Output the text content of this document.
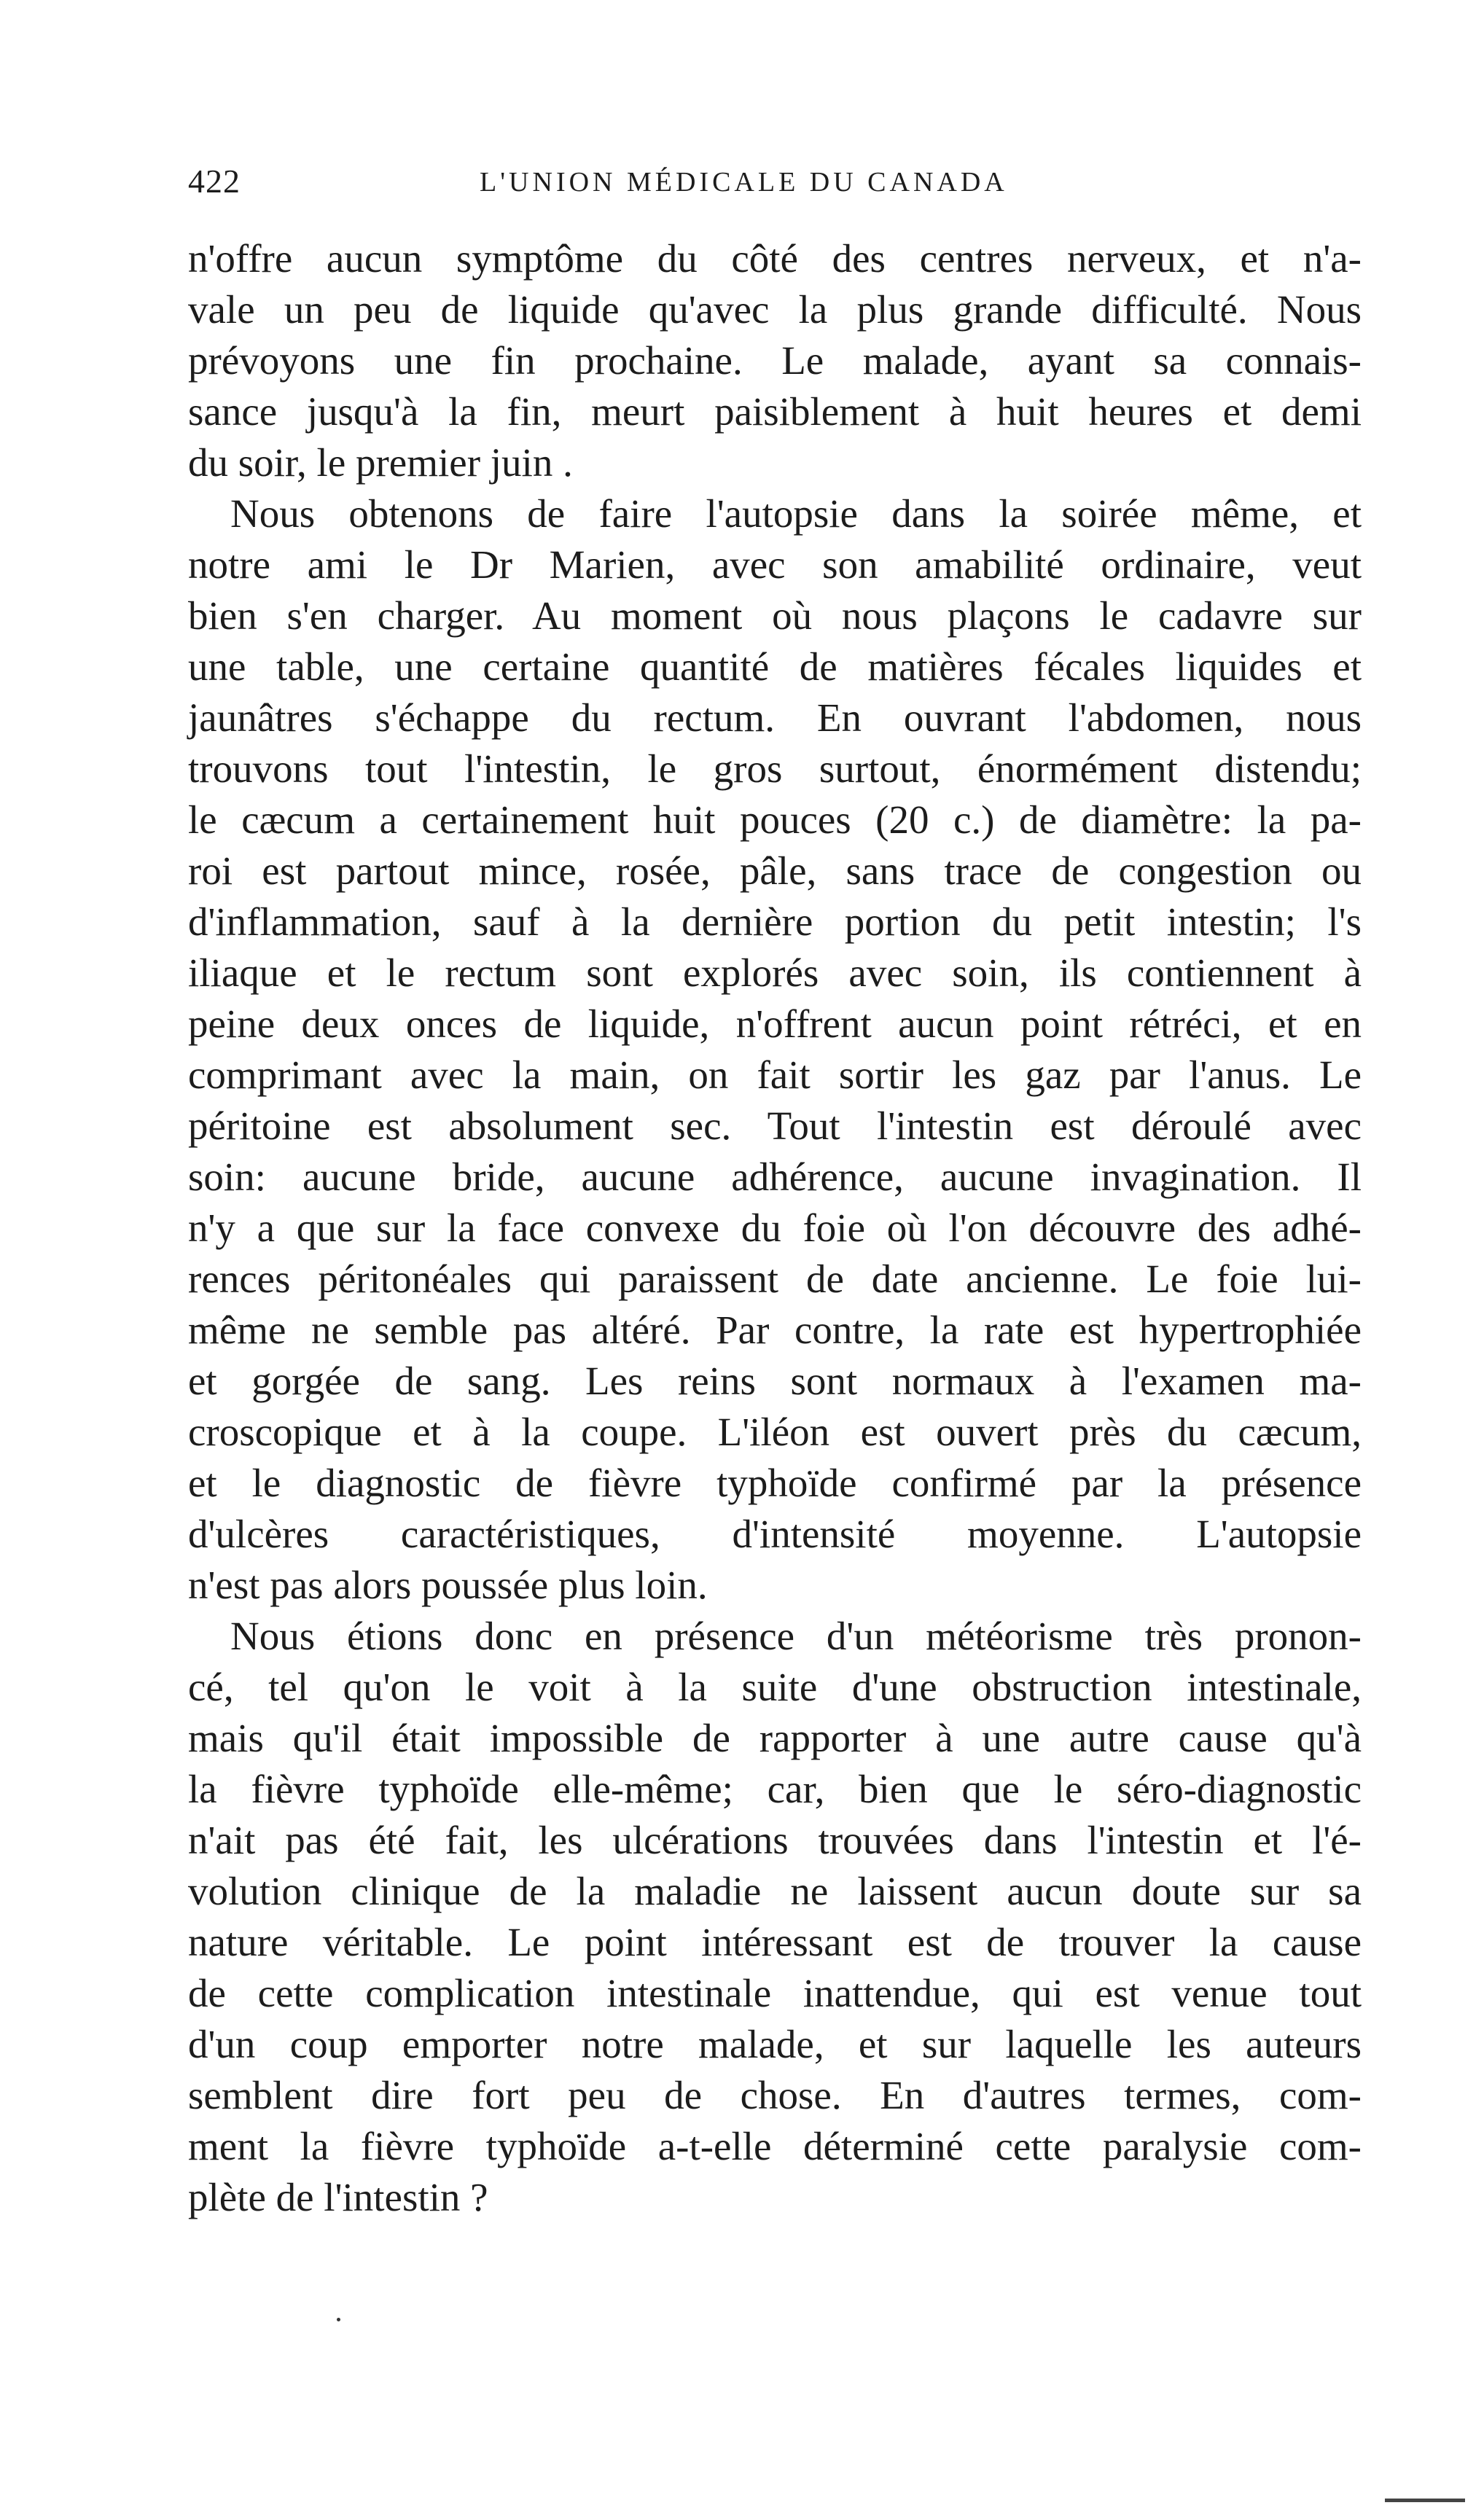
422	L'UNION MÉDICALE DU CANADA
n'offre aucun symptôme du côté des centres nerveux, et n'a-
vale un peu de liquide qu'avec la plus grande difficulté. Nous
prévoyons une fin prochaine. Le malade, ayant sa connais-
sance jusqu'à la fin, meurt paisiblement à huit heures et demi
du soir, le premier juin .
Nous obtenons de faire l'autopsie dans la soirée même, et
notre ami le Dr Marien, avec son amabilité ordinaire, veut
bien s'en charger. Au moment où nous plaçons le cadavre sur
une table, une certaine quantité de matières fécales liquides et
jaunâtres s'échappe du rectum. En ouvrant l'abdomen, nous
trouvons tout l'intestin, le gros surtout, énormément distendu;
le cæcum a certainement huit pouces (20 c.) de diamètre: la pa-
roi est partout mince, rosée, pâle, sans trace de congestion ou
d'inflammation, sauf à la dernière portion du petit intestin; l's
iliaque et le rectum sont explorés avec soin, ils contiennent à
peine deux onces de liquide, n'offrent aucun point rétréci, et en
comprimant avec la main, on fait sortir les gaz par l'anus. Le
péritoine est absolument sec. Tout l'intestin est déroulé avec
soin: aucune bride, aucune adhérence, aucune invagination. Il
n'y a que sur la face convexe du foie où l'on découvre des adhé-
rences péritonéales qui paraissent de date ancienne. Le foie lui-
même ne semble pas altéré. Par contre, la rate est hypertrophiée
et gorgée de sang. Les reins sont normaux à l'examen ma-
croscopique et à la coupe. L'iléon est ouvert près du cæcum,
et le diagnostic de fièvre typhoïde confirmé par la présence
d'ulcères caractéristiques, d'intensité moyenne. L'autopsie
n'est pas alors poussée plus loin.
Nous étions donc en présence d'un météorisme très pronon-
cé, tel qu'on le voit à la suite d'une obstruction intestinale,
mais qu'il était impossible de rapporter à une autre cause qu'à
la fièvre typhoïde elle-même; car, bien que le séro-diagnostic
n'ait pas été fait, les ulcérations trouvées dans l'intestin et l'é-
volution clinique de la maladie ne laissent aucun doute sur sa
nature véritable. Le point intéressant est de trouver la cause
de cette complication intestinale inattendue, qui est venue tout
d'un coup emporter notre malade, et sur laquelle les auteurs
semblent dire fort peu de chose. En d'autres termes, com-
ment la fièvre typhoïde a-t-elle déterminé cette paralysie com-
plète de l'intestin ?
